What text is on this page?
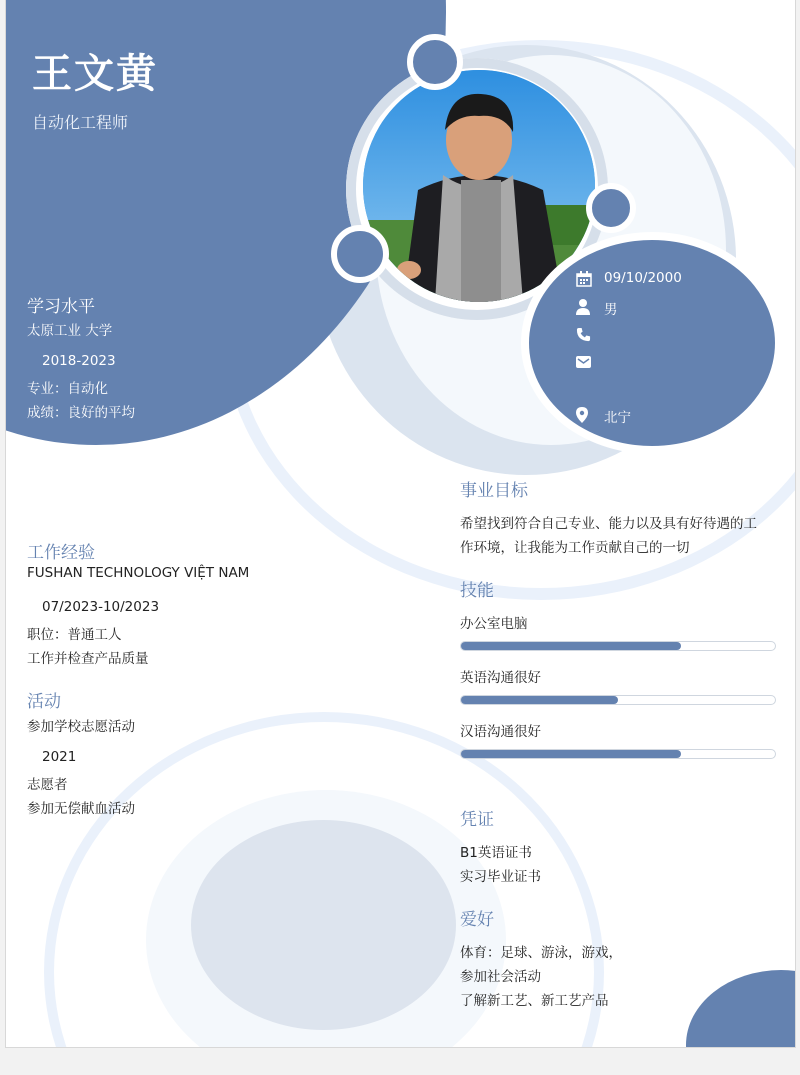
王文黄
自动化工程师
学习水平
太原工业 大学
2018-2023
专业：自动化
成绩：良好的平均
09/10/2000
男
北宁
事业目标
希望找到符合自己专业、能力以及具有好待遇的工
作环境，让我能为工作贡献自己的一切
工作经验
FUSHAN TECHNOLOGY VIỆT NAM
07/2023-10/2023
职位：普通工人
工作并检查产品质量
技能
办公室电脑
英语沟通很好
汉语沟通很好
活动
参加学校志愿活动
2021
志愿者
参加无偿献血活动
凭证
B1英语证书
实习毕业证书
爱好
体育：足球、游泳，游戏，
参加社会活动
了解新工艺、新工艺产品
